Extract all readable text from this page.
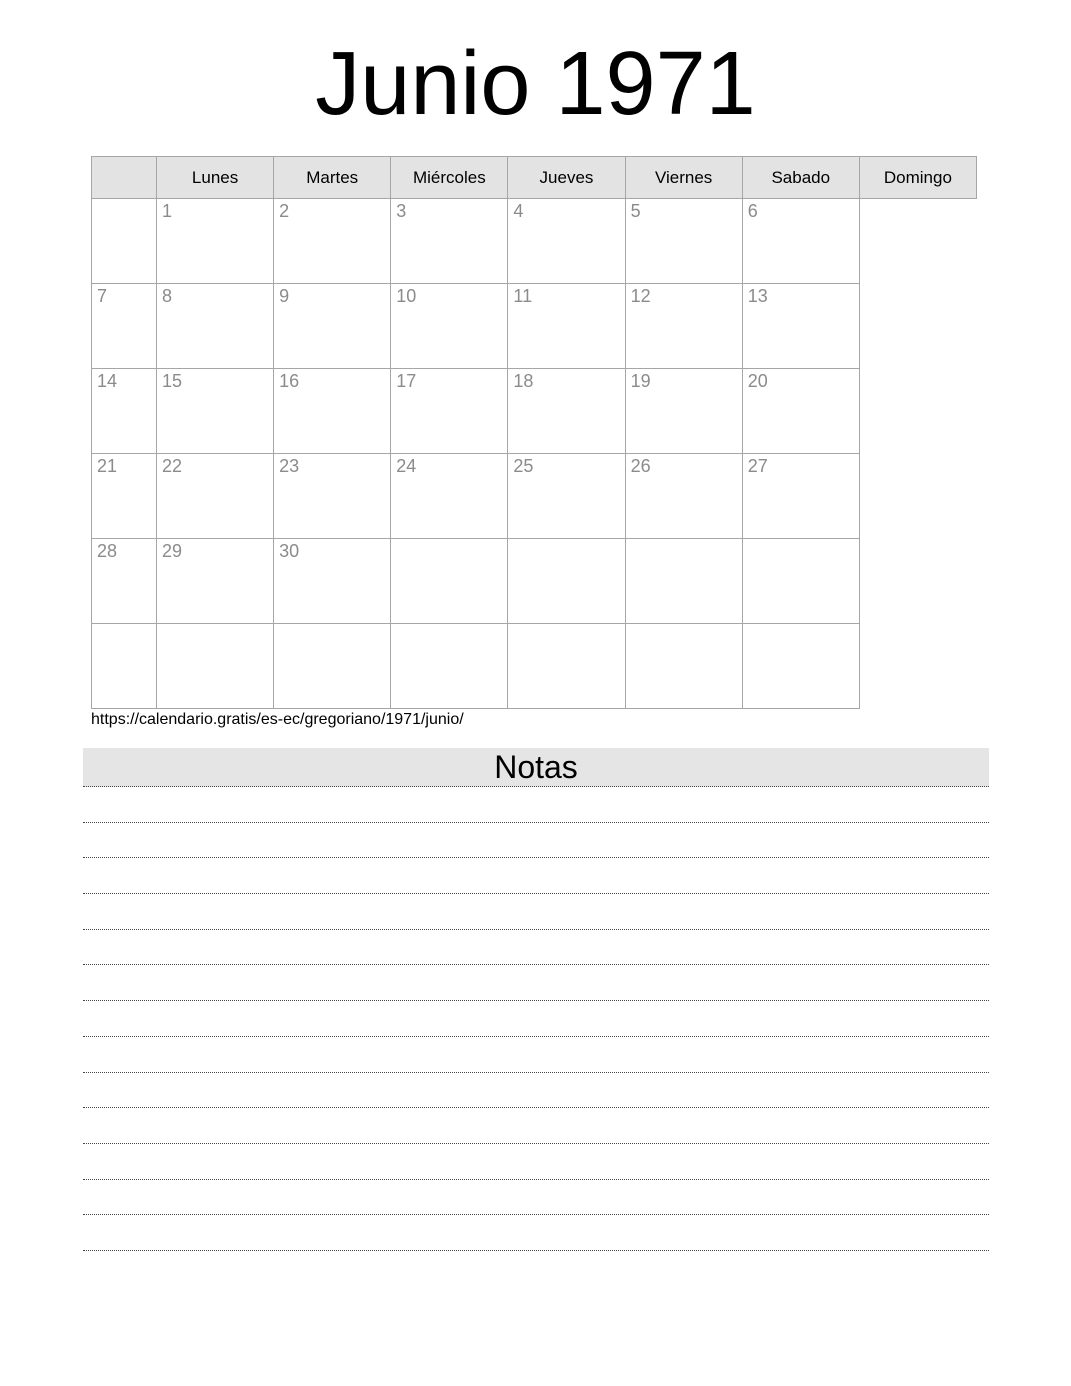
Junio 1971
	Lunes	Martes	Miércoles	Jueves	Viernes	Sabado	Domingo

	1	2	3	4	5	6	

7	8	9	10	11	12	13	

14	15	16	17	18	19	20	

21	22	23	24	25	26	27	

28	29	30					

https://calendario.gratis/es-ec/gregoriano/1971/junio/
Notas
